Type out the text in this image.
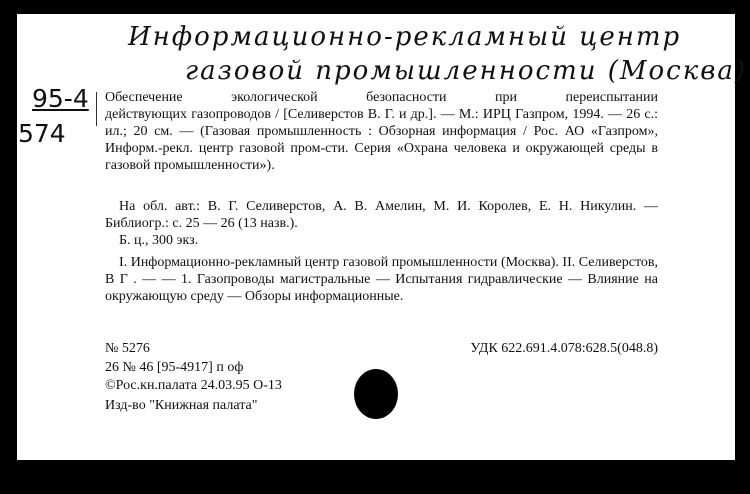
Информационно-рекламный центр
газовой промышленности (Москва)
95-4
574
Обеспечение экологической безопасности при переиспытании
действующих газопроводов / [Селиверстов В. Г. и др.]. — М.: ИРЦ Газпром, 1994. — 26 с.: ил.; 20 см. — (Газовая промышленность : Обзорная информация / Рос. АО «Газпром», Информ.-рекл. центр газовой пром-сти. Серия «Охрана человека и окружающей среды в газовой промышленности»).
На обл. авт.: В. Г. Селиверстов, А. В. Амелин, М. И. Королев, Е. Н. Никулин. — Библиогр.: с. 25 — 26 (13 назв.).
Б. ц., 300 экз.
I. Информационно-рекламный центр газовой промышленности (Москва). II. Селиверстов, В Г . — — 1. Газопроводы магистральные — Испытания гидравлические — Влияние на окружающую среду — Обзоры информационные.
№ 5276	УДК 622.691.4.078:628.5(048.8)
26 № 46 [95-4917] п оф
©Рос.кн.палата 24.03.95 О-13
Изд-во "Книжная палата"
